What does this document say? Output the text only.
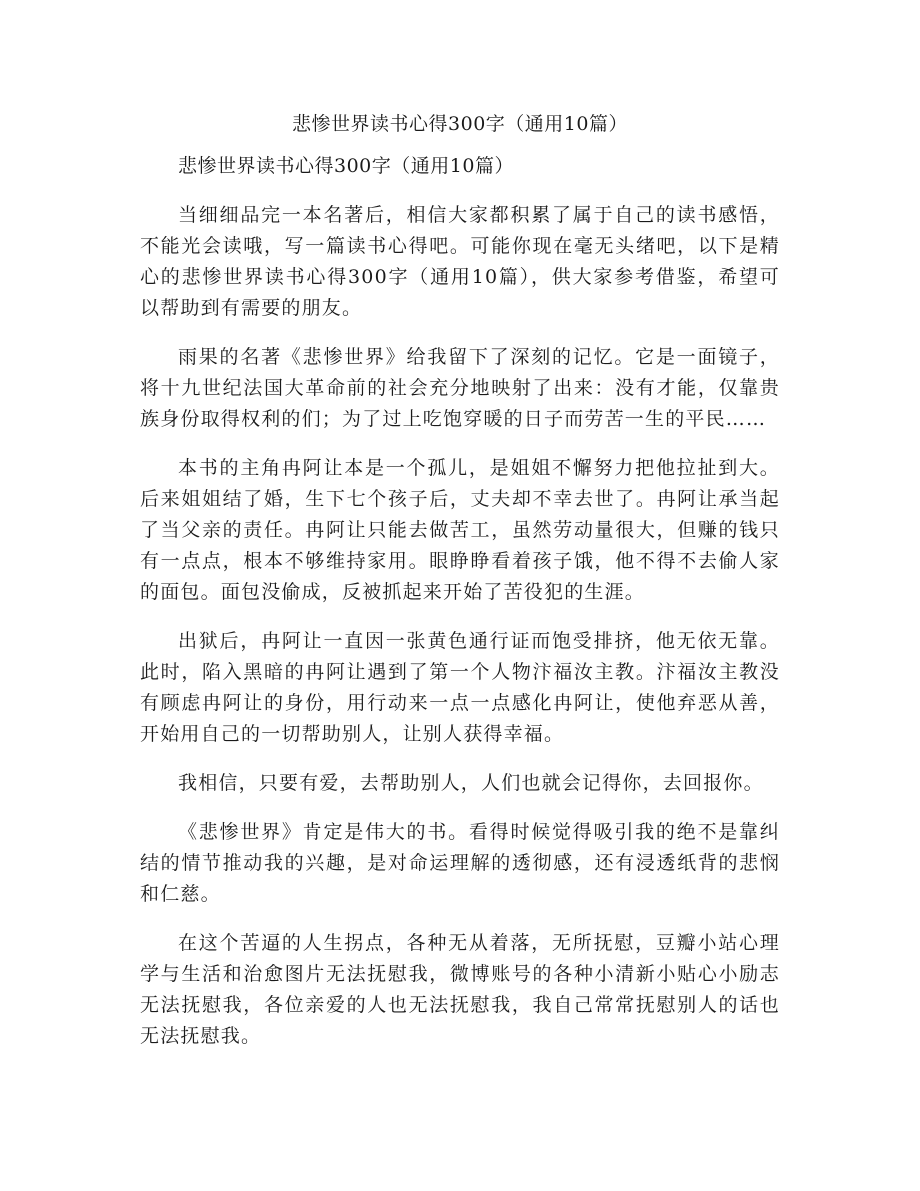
悲惨世界读书心得300字（通用10篇）

悲惨世界读书心得300字（通用10篇）

当细细品完一本名著后，相信大家都积累了属于自己的读书感悟，不能光会读哦，写一篇读书心得吧。可能你现在毫无头绪吧，以下是精心的悲惨世界读书心得300字（通用10篇），供大家参考借鉴，希望可以帮助到有需要的朋友。

雨果的名著《悲惨世界》给我留下了深刻的记忆。它是一面镜子，将十九世纪法国大革命前的社会充分地映射了出来：没有才能，仅靠贵族身份取得权利的们；为了过上吃饱穿暖的日子而劳苦一生的平民……

本书的主角冉阿让本是一个孤儿，是姐姐不懈努力把他拉扯到大。后来姐姐结了婚，生下七个孩子后，丈夫却不幸去世了。冉阿让承当起了当父亲的责任。冉阿让只能去做苦工，虽然劳动量很大，但赚的钱只有一点点，根本不够维持家用。眼睁睁看着孩子饿，他不得不去偷人家的面包。面包没偷成，反被抓起来开始了苦役犯的生涯。

出狱后，冉阿让一直因一张黄色通行证而饱受排挤，他无依无靠。此时，陷入黑暗的冉阿让遇到了第一个人物汴福汝主教。汴福汝主教没有顾虑冉阿让的身份，用行动来一点一点感化冉阿让，使他弃恶从善，开始用自己的一切帮助别人，让别人获得幸福。

我相信，只要有爱，去帮助别人，人们也就会记得你，去回报你。

《悲惨世界》肯定是伟大的书。看得时候觉得吸引我的绝不是靠纠结的情节推动我的兴趣，是对命运理解的透彻感，还有浸透纸背的悲悯和仁慈。

在这个苦逼的人生拐点，各种无从着落，无所抚慰，豆瓣小站心理学与生活和治愈图片无法抚慰我，微博账号的各种小清新小贴心小励志无法抚慰我，各位亲爱的人也无法抚慰我，我自己常常抚慰别人的话也无法抚慰我。
